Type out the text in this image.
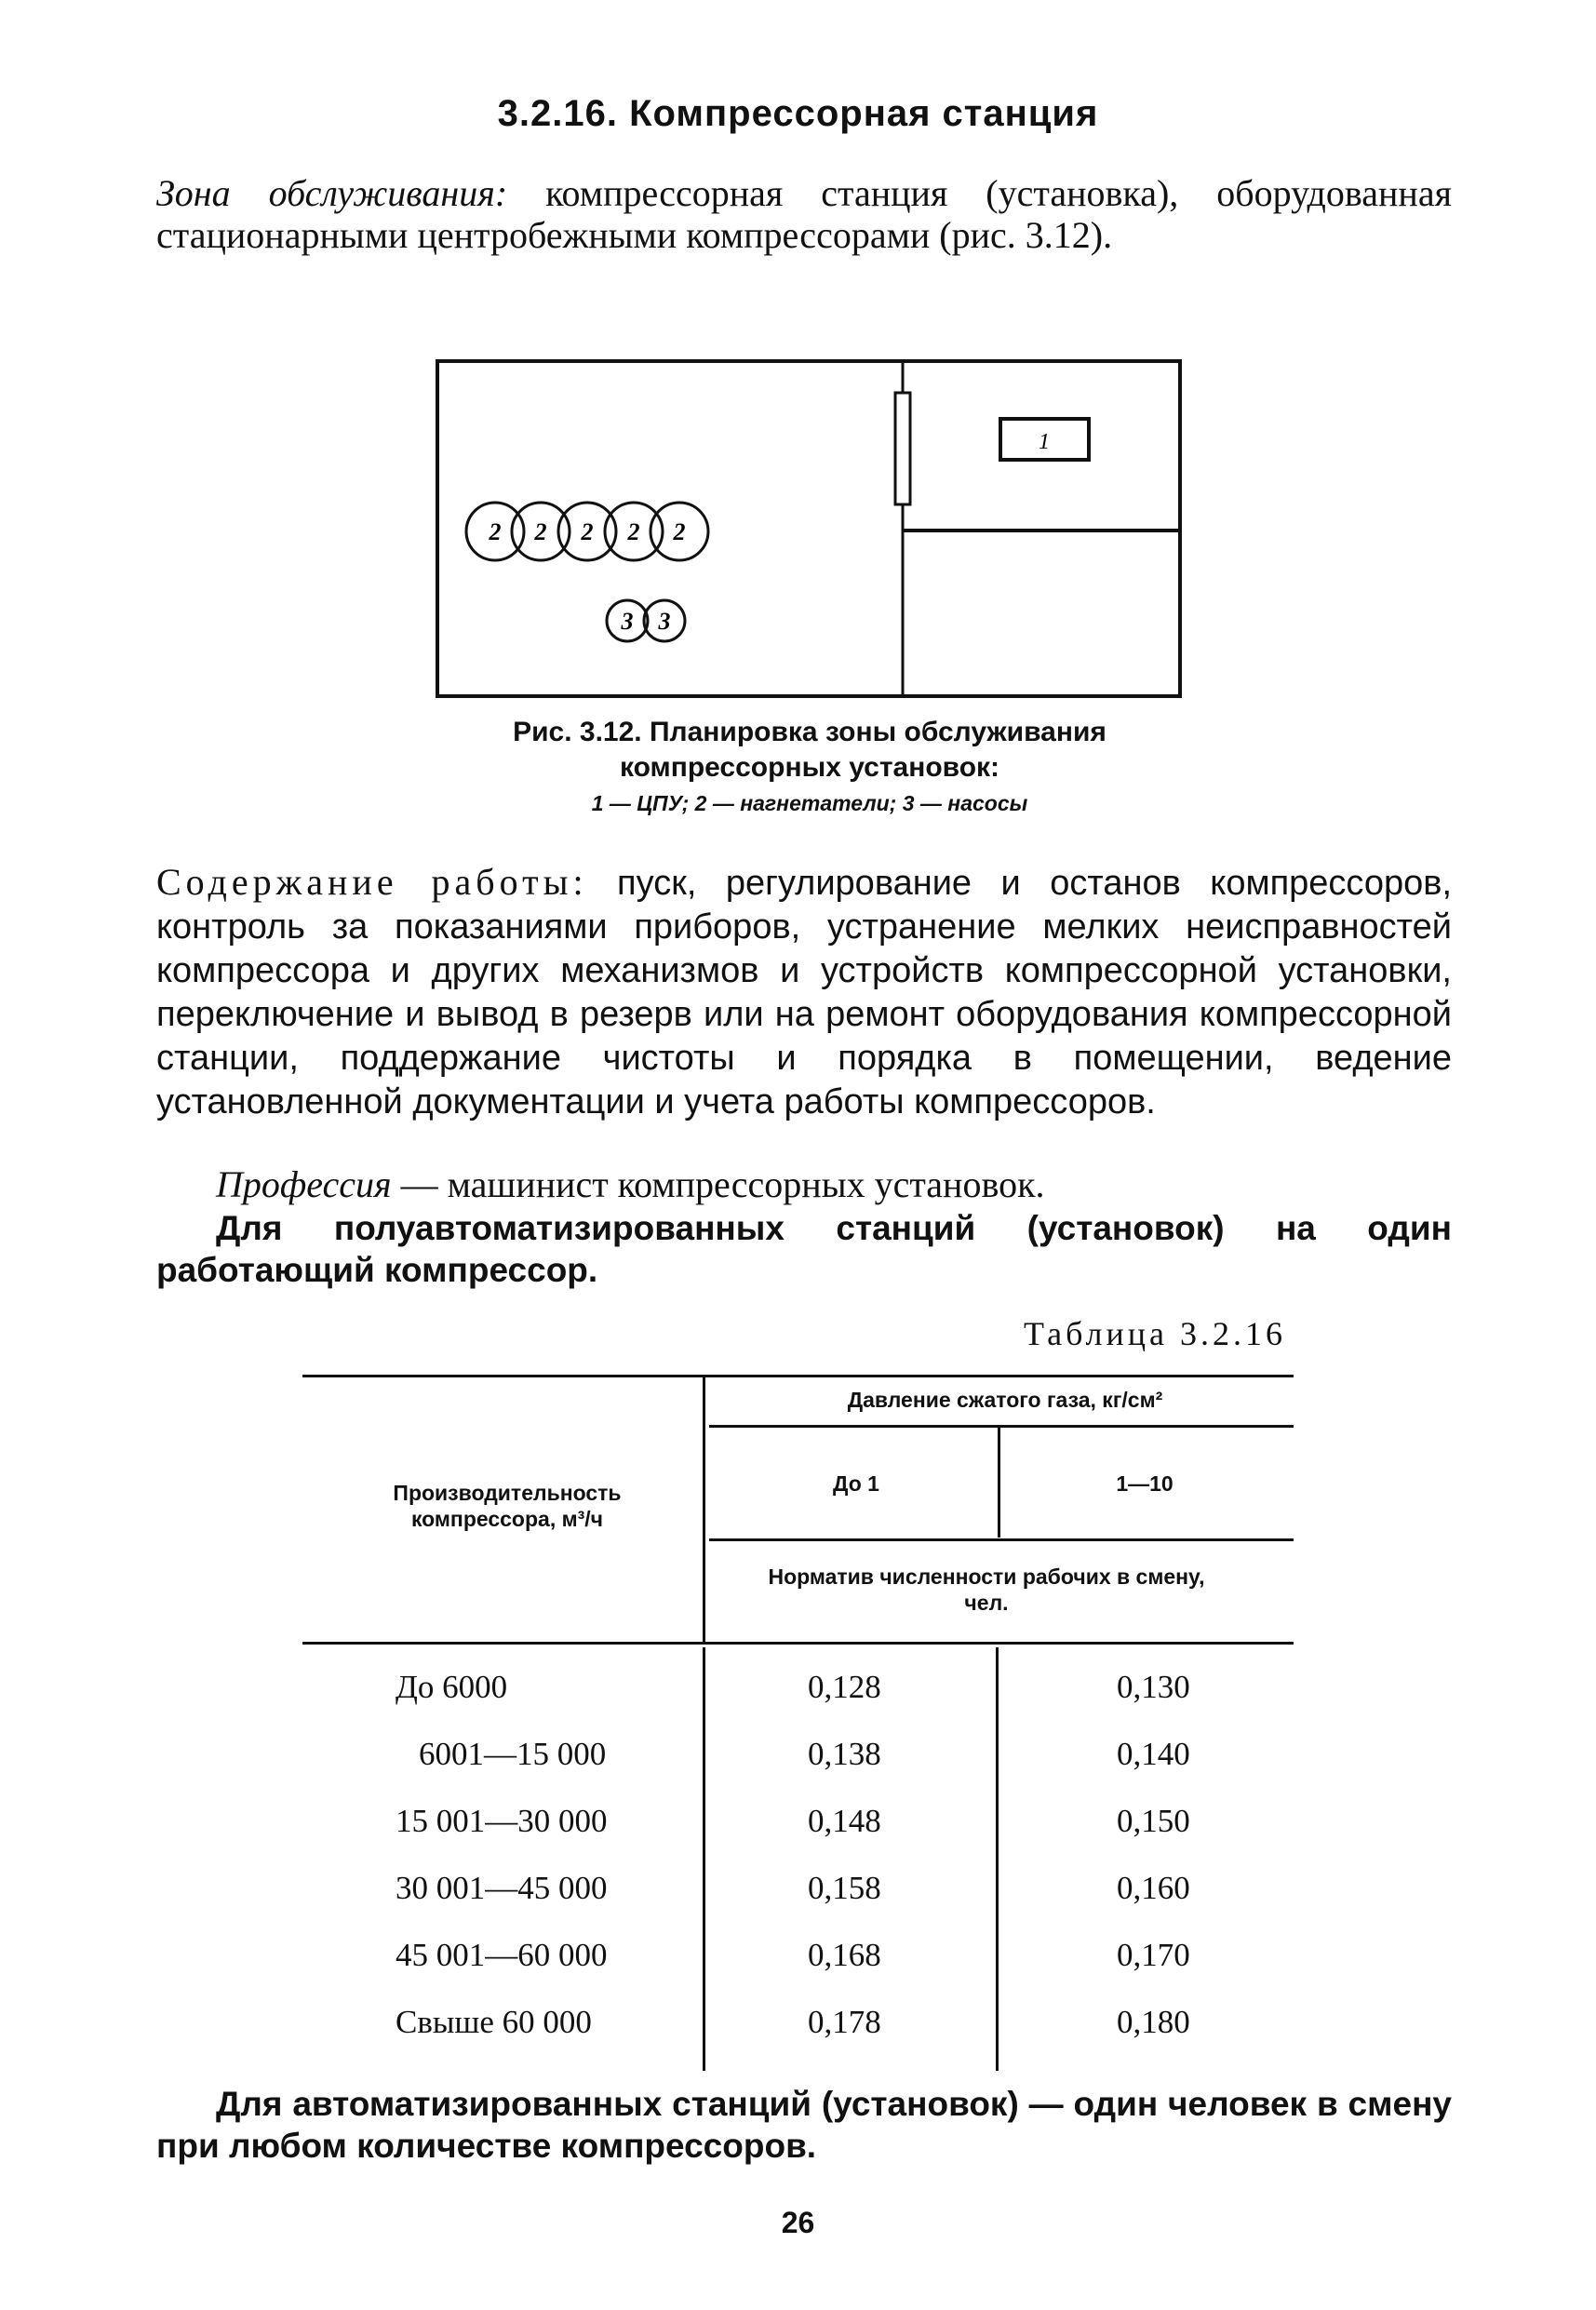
3.2.16. Компрессорная станция
Зона обслуживания: компрессорная станция (установка), оборудованная стационарными центробежными компрессорами (рис. 3.12).
1
2 2 2 2 2
3 3
Рис. 3.12. Планировка зоны обслуживания
компрессорных установок:
1 — ЦПУ; 2 — нагнетатели; 3 — насосы
Содержание работы: пуск, регулирование и останов компрессоров, контроль за показаниями приборов, устранение мелких неисправностей компрессора и других механизмов и устройств компрессорной установки, переключение и вывод в резерв или на ремонт оборудования компрессорной станции, поддержание чистоты и порядка в помещении, ведение установленной документации и учета работы компрессоров.
Профессия — машинист компрессорных установок.
Для полуавтоматизированных станций (установок) на один работающий компрессор.
Таблица 3.2.16
Производительность компрессора, м³/ч
Давление сжатого газа, кг/см²
До 1	1—10
Норматив численности рабочих в смену, чел.
До 6000	0,128	0,130
6001—15 000	0,138	0,140
15 001—30 000	0,148	0,150
30 001—45 000	0,158	0,160
45 001—60 000	0,168	0,170
Свыше 60 000	0,178	0,180
Для автоматизированных станций (установок) — один человек в смену при любом количестве компрессоров.
26
